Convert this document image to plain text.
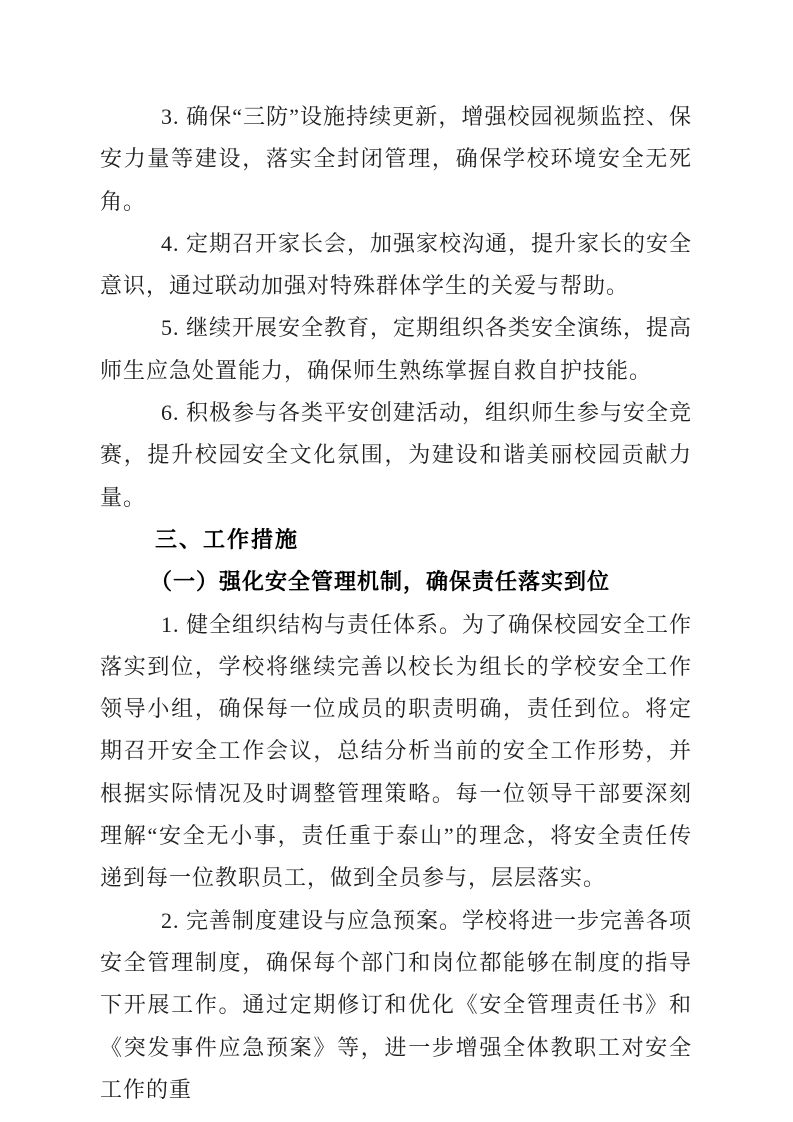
3. 确保“三防”设施持续更新，增强校园视频监控、保安力量等建设，落实全封闭管理，确保学校环境安全无死角。

4. 定期召开家长会，加强家校沟通，提升家长的安全意识，通过联动加强对特殊群体学生的关爱与帮助。

5. 继续开展安全教育，定期组织各类安全演练，提高师生应急处置能力，确保师生熟练掌握自救自护技能。

6. 积极参与各类平安创建活动，组织师生参与安全竞赛，提升校园安全文化氛围，为建设和谐美丽校园贡献力量。

三、工作措施

（一）强化安全管理机制，确保责任落实到位

1. 健全组织结构与责任体系。为了确保校园安全工作落实到位，学校将继续完善以校长为组长的学校安全工作领导小组，确保每一位成员的职责明确，责任到位。将定期召开安全工作会议，总结分析当前的安全工作形势，并根据实际情况及时调整管理策略。每一位领导干部要深刻理解“安全无小事，责任重于泰山”的理念，将安全责任传递到每一位教职员工，做到全员参与，层层落实。

2. 完善制度建设与应急预案。学校将进一步完善各项安全管理制度，确保每个部门和岗位都能够在制度的指导下开展工作。通过定期修订和优化《安全管理责任书》和《突发事件应急预案》等，进一步增强全体教职工对安全工作的重
